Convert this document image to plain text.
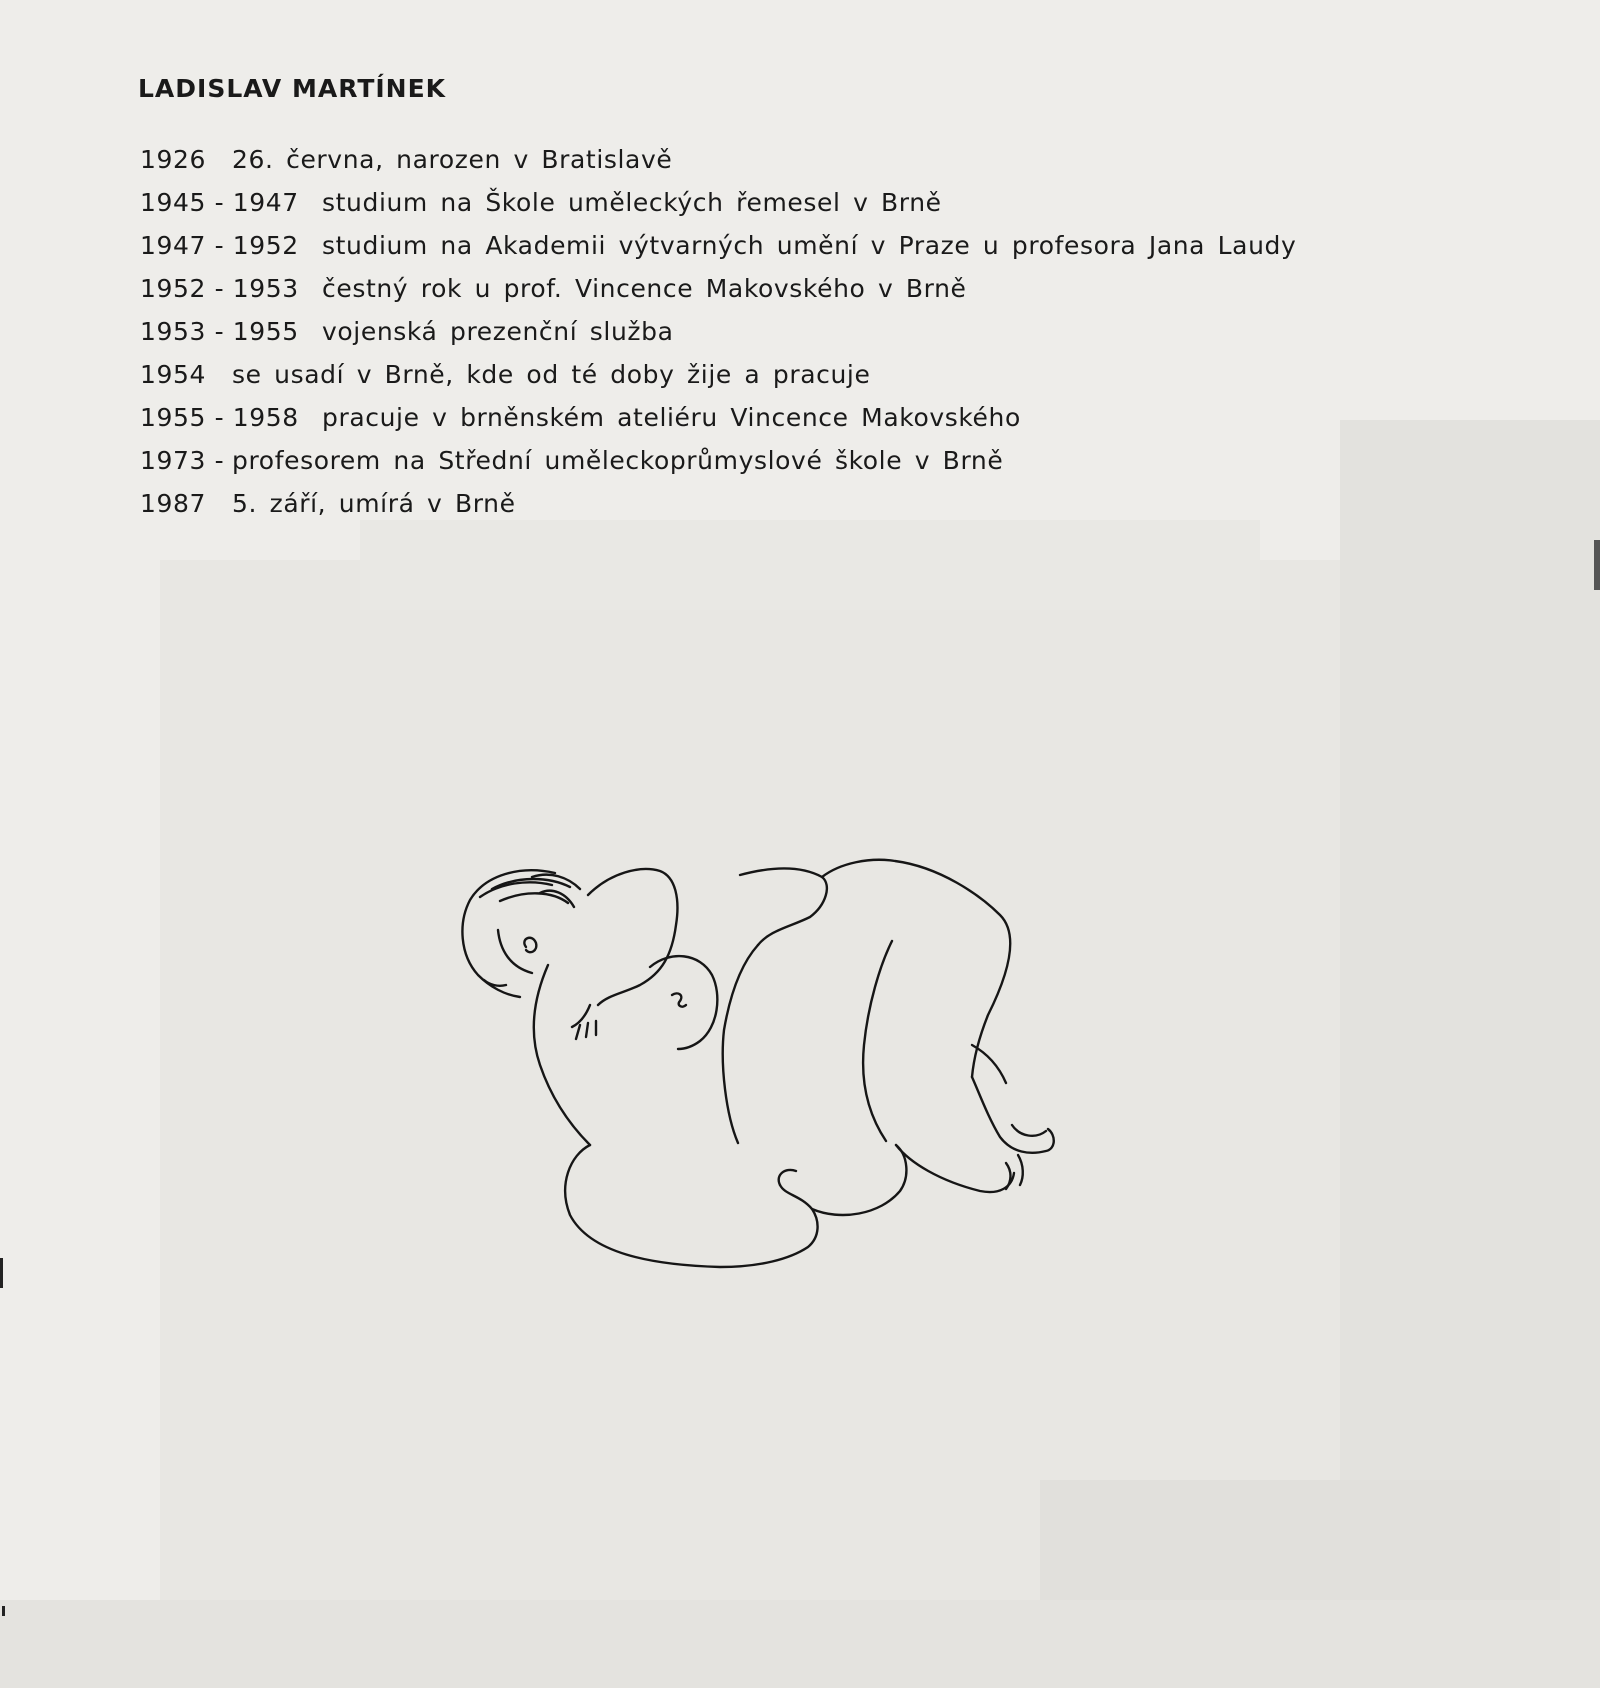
LADISLAV MARTÍNEK
1926 26. června, narozen v Bratislavě
1945 - 1947 studium na Škole uměleckých řemesel v Brně
1947 - 1952 studium na Akademii výtvarných umění v Praze u profesora Jana Laudy
1952 - 1953 čestný rok u prof. Vincence Makovského v Brně
1953 - 1955 vojenská prezenční služba
1954 se usadí v Brně, kde od té doby žije a pracuje
1955 - 1958 pracuje v brněnském ateliéru Vincence Makovského
1973 - profesorem na Střední uměleckoprůmyslové škole v Brně
1987 5. září, umírá v Brně
